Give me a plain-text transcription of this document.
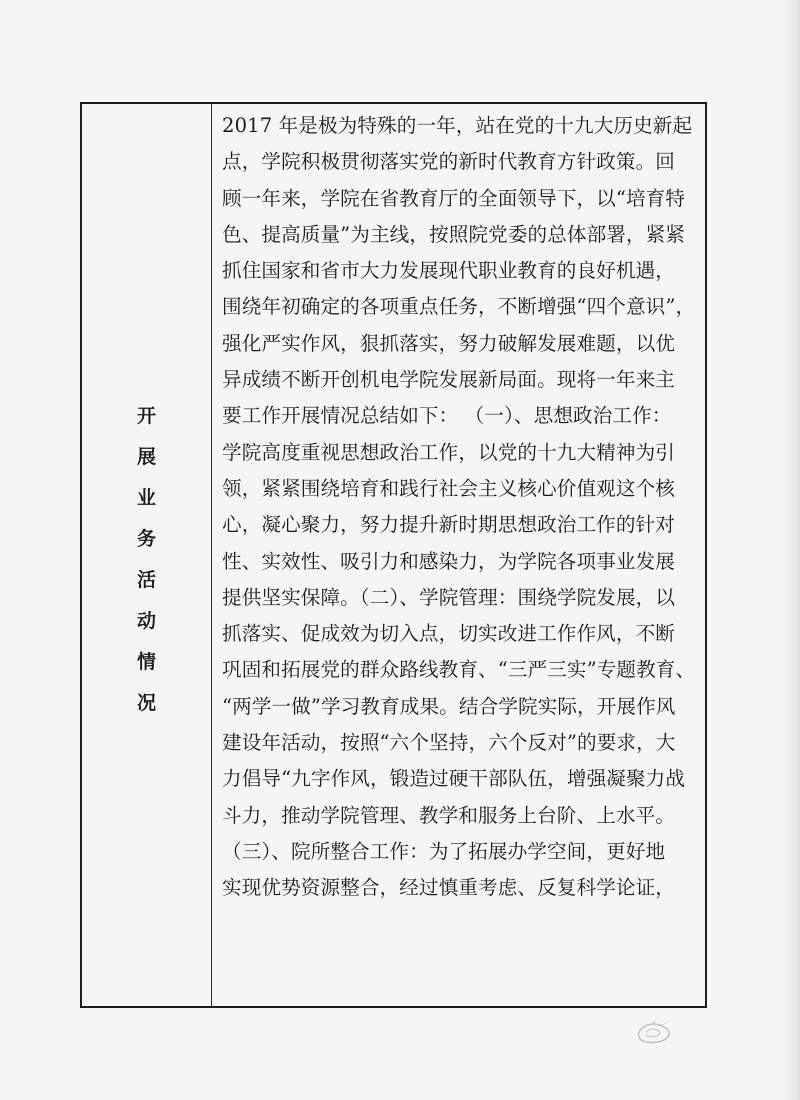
开
展
业
务
活
动
情
况
2017 年是极为特殊的一年，站在党的十九大历史新起
点，学院积极贯彻落实党的新时代教育方针政策。回
顾一年来，学院在省教育厅的全面领导下，以“培育特
色、提高质量”为主线，按照院党委的总体部署，紧紧
抓住国家和省市大力发展现代职业教育的良好机遇，
围绕年初确定的各项重点任务，不断增强“四个意识”，
强化严实作风，狠抓落实，努力破解发展难题，以优
异成绩不断开创机电学院发展新局面。现将一年来主
要工作开展情况总结如下： （一）、思想政治工作：
学院高度重视思想政治工作，以党的十九大精神为引
领，紧紧围绕培育和践行社会主义核心价值观这个核
心，凝心聚力，努力提升新时期思想政治工作的针对
性、实效性、吸引力和感染力，为学院各项事业发展
提供坚实保障。（二）、学院管理：围绕学院发展，以
抓落实、促成效为切入点，切实改进工作作风，不断
巩固和拓展党的群众路线教育、“三严三实”专题教育、
“两学一做”学习教育成果。结合学院实际，开展作风
建设年活动，按照“六个坚持，六个反对”的要求，大
力倡导“九字作风，锻造过硬干部队伍，增强凝聚力战
斗力，推动学院管理、教学和服务上台阶、上水平。
（三）、院所整合工作：为了拓展办学空间，更好地
实现优势资源整合，经过慎重考虑、反复科学论证，
